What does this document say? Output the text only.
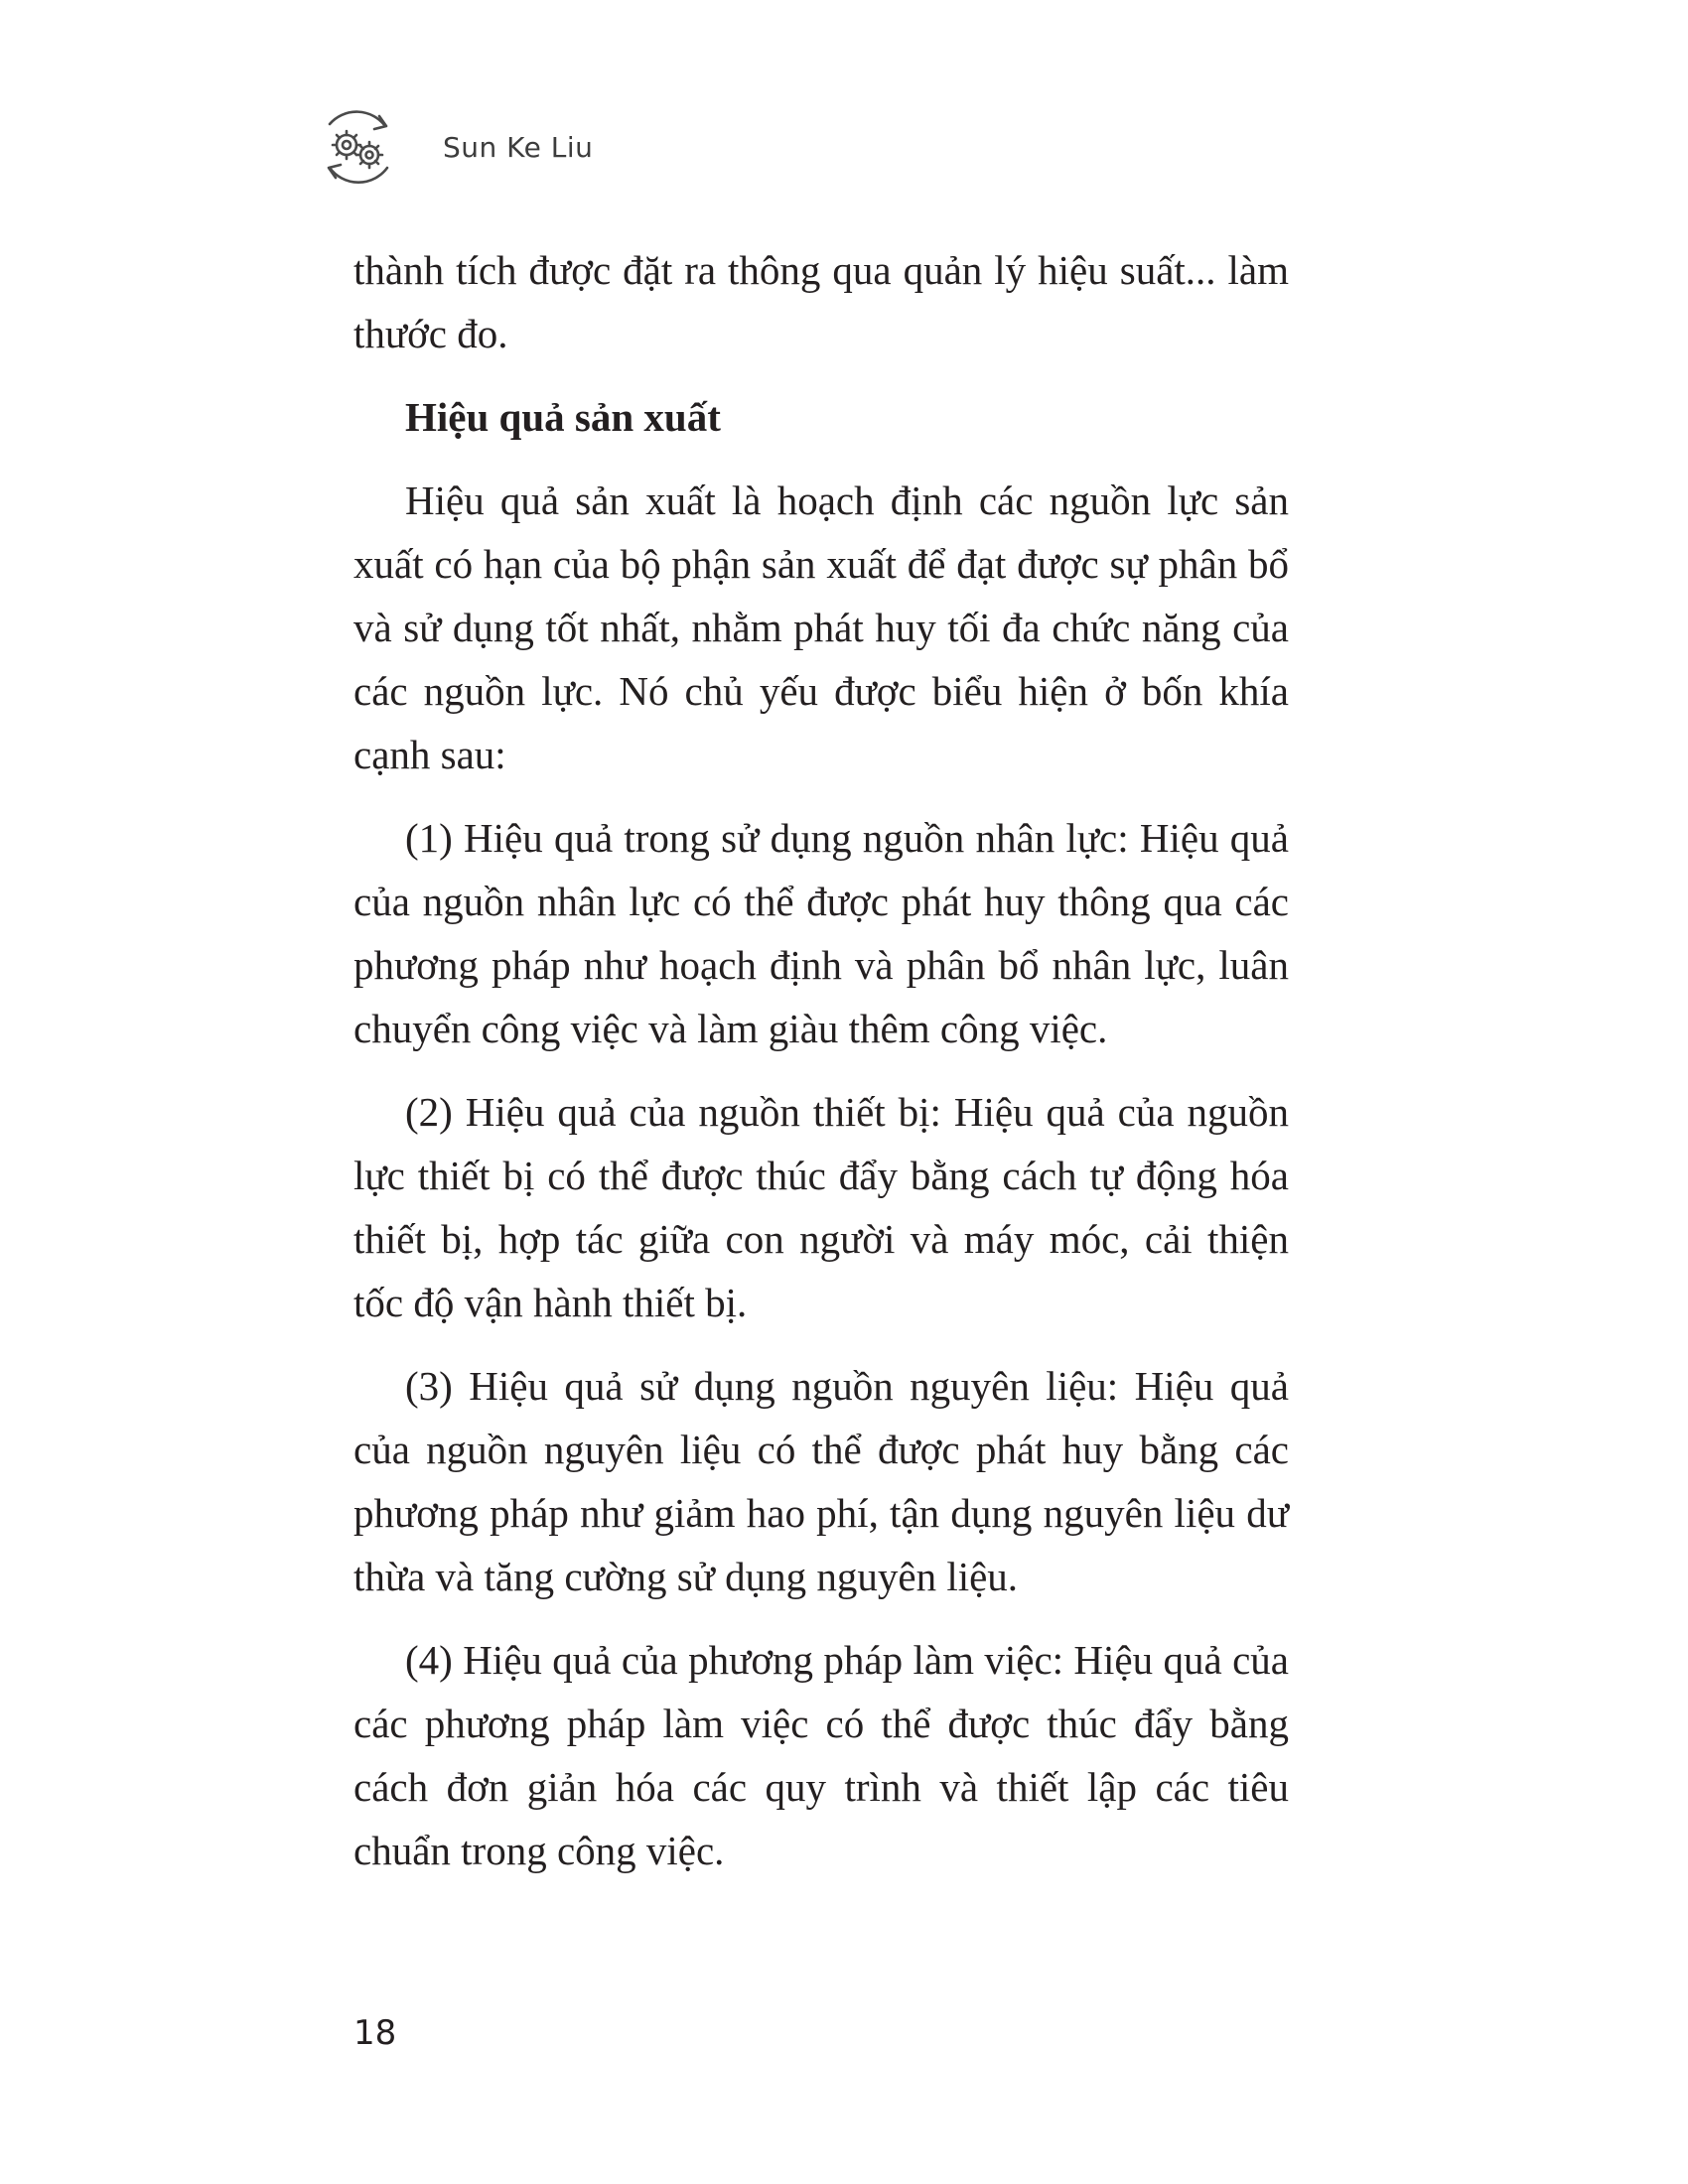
Sun Ke Liu

thành tích được đặt ra thông qua quản lý hiệu suất... làm thước đo.

Hiệu quả sản xuất

Hiệu quả sản xuất là hoạch định các nguồn lực sản xuất có hạn của bộ phận sản xuất để đạt được sự phân bổ và sử dụng tốt nhất, nhằm phát huy tối đa chức năng của các nguồn lực. Nó chủ yếu được biểu hiện ở bốn khía cạnh sau:

(1) Hiệu quả trong sử dụng nguồn nhân lực: Hiệu quả của nguồn nhân lực có thể được phát huy thông qua các phương pháp như hoạch định và phân bổ nhân lực, luân chuyển công việc và làm giàu thêm công việc.

(2) Hiệu quả của nguồn thiết bị: Hiệu quả của nguồn lực thiết bị có thể được thúc đẩy bằng cách tự động hóa thiết bị, hợp tác giữa con người và máy móc, cải thiện tốc độ vận hành thiết bị.

(3) Hiệu quả sử dụng nguồn nguyên liệu: Hiệu quả của nguồn nguyên liệu có thể được phát huy bằng các phương pháp như giảm hao phí, tận dụng nguyên liệu dư thừa và tăng cường sử dụng nguyên liệu.

(4) Hiệu quả của phương pháp làm việc: Hiệu quả của các phương pháp làm việc có thể được thúc đẩy bằng cách đơn giản hóa các quy trình và thiết lập các tiêu chuẩn trong công việc.

18
